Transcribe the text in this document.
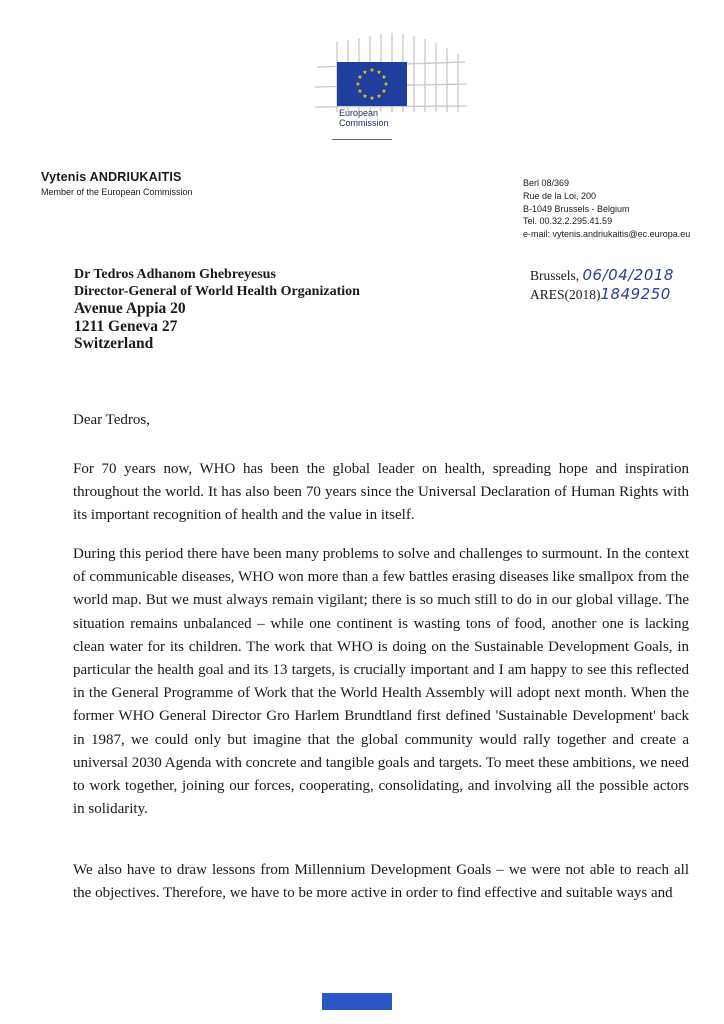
★ ★
★
★
★
★
★
★
★
★
★
★
European
Commission
Vytenis ANDRIUKAITIS
Member of the European Commission
Berl 08/369
Rue de la Loi, 200
B-1049 Brussels - Belgium
Tel. 00.32.2.295.41.59
e-mail: vytenis.andriukaitis@ec.europa.eu
Dr Tedros Adhanom Ghebreyesus
Director-General of World Health Organization
Avenue Appia 20
1211 Geneva 27
Switzerland
Brussels, 06/04/2018
ARES(2018)1849250
Dear Tedros,

For 70 years now, WHO has been the global leader on health, spreading hope and inspiration throughout the world. It has also been 70 years since the Universal Declaration of Human Rights with its important recognition of health and the value in itself.

During this period there have been many problems to solve and challenges to surmount. In the context of communicable diseases, WHO won more than a few battles erasing diseases like smallpox from the world map. But we must always remain vigilant; there is so much still to do in our global village. The situation remains unbalanced – while one continent is wasting tons of food, another one is lacking clean water for its children. The work that WHO is doing on the Sustainable Development Goals, in particular the health goal and its 13 targets, is crucially important and I am happy to see this reflected in the General Programme of Work that the World Health Assembly will adopt next month. When the former WHO General Director Gro Harlem Brundtland first defined 'Sustainable Development' back in 1987, we could only but imagine that the global community would rally together and create a universal 2030 Agenda with concrete and tangible goals and targets. To meet these ambitions, we need to work together, joining our forces, cooperating, consolidating, and involving all the possible actors in solidarity.

We also have to draw lessons from Millennium Development Goals – we were not able to reach all the objectives. Therefore, we have to be more active in order to find effective and suitable ways and
